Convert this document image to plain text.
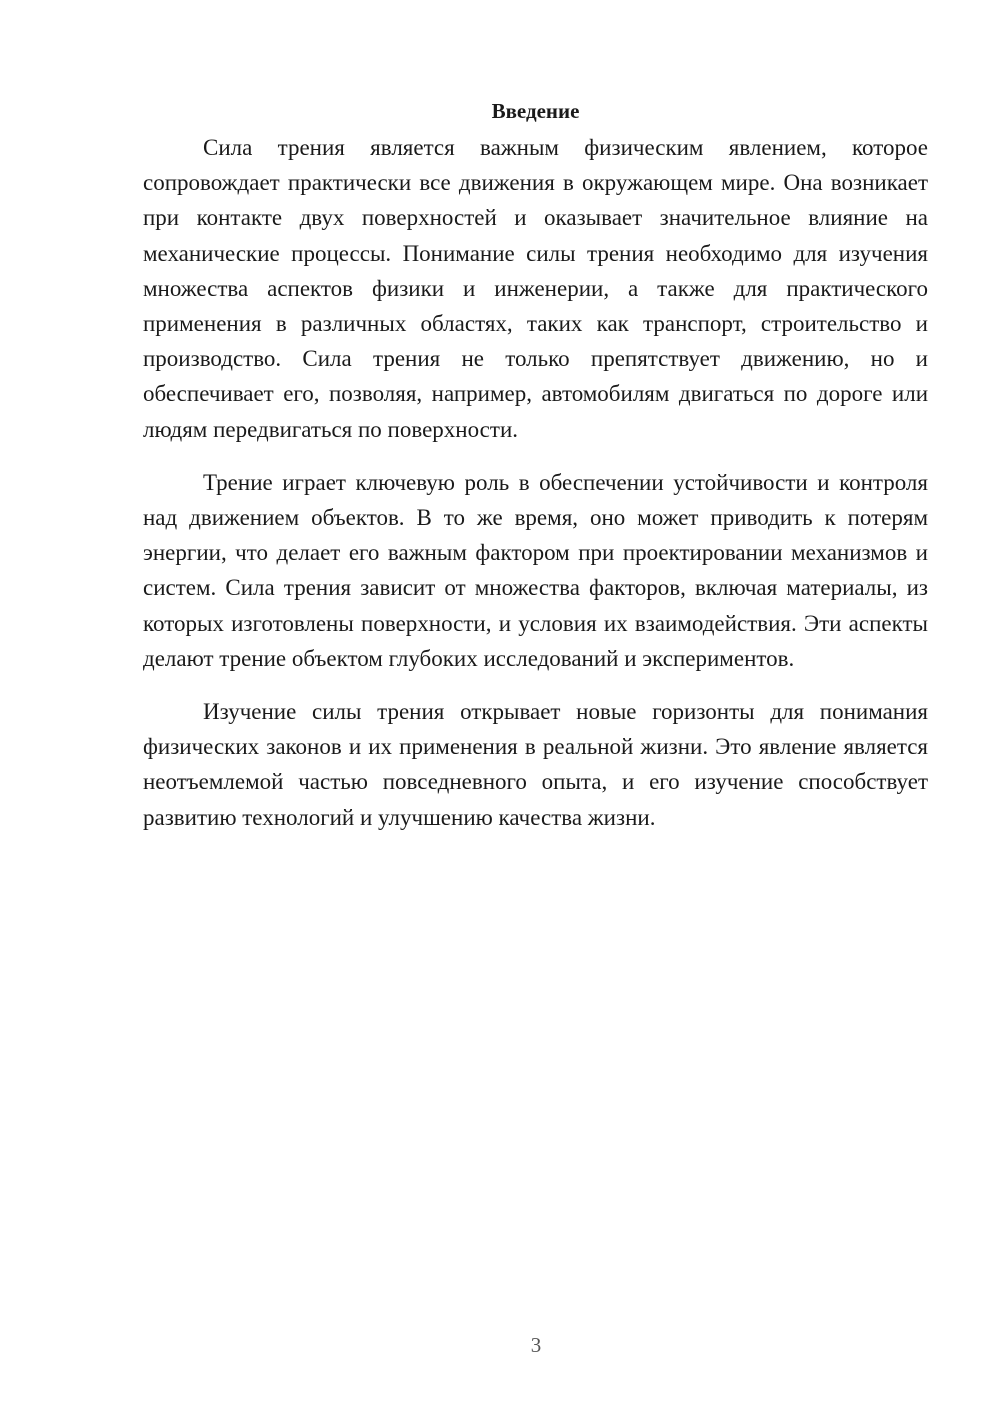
Введение

Сила трения является важным физическим явлением, которое сопровождает практически все движения в окружающем мире. Она возникает при контакте двух поверхностей и оказывает значительное влияние на механические процессы. Понимание силы трения необходимо для изучения множества аспектов физики и инженерии, а также для практического применения в различных областях, таких как транспорт, строительство и производство. Сила трения не только препятствует движению, но и обеспечивает его, позволяя, например, автомобилям двигаться по дороге или людям передвигаться по поверхности.

Трение играет ключевую роль в обеспечении устойчивости и контроля над движением объектов. В то же время, оно может приводить к потерям энергии, что делает его важным фактором при проектировании механизмов и систем. Сила трения зависит от множества факторов, включая материалы, из которых изготовлены поверхности, и условия их взаимодействия. Эти аспекты делают трение объектом глубоких исследований и экспериментов.

Изучение силы трения открывает новые горизонты для понимания физических законов и их применения в реальной жизни. Это явление является неотъемлемой частью повседневного опыта, и его изучение способствует развитию технологий и улучшению качества жизни.

3
